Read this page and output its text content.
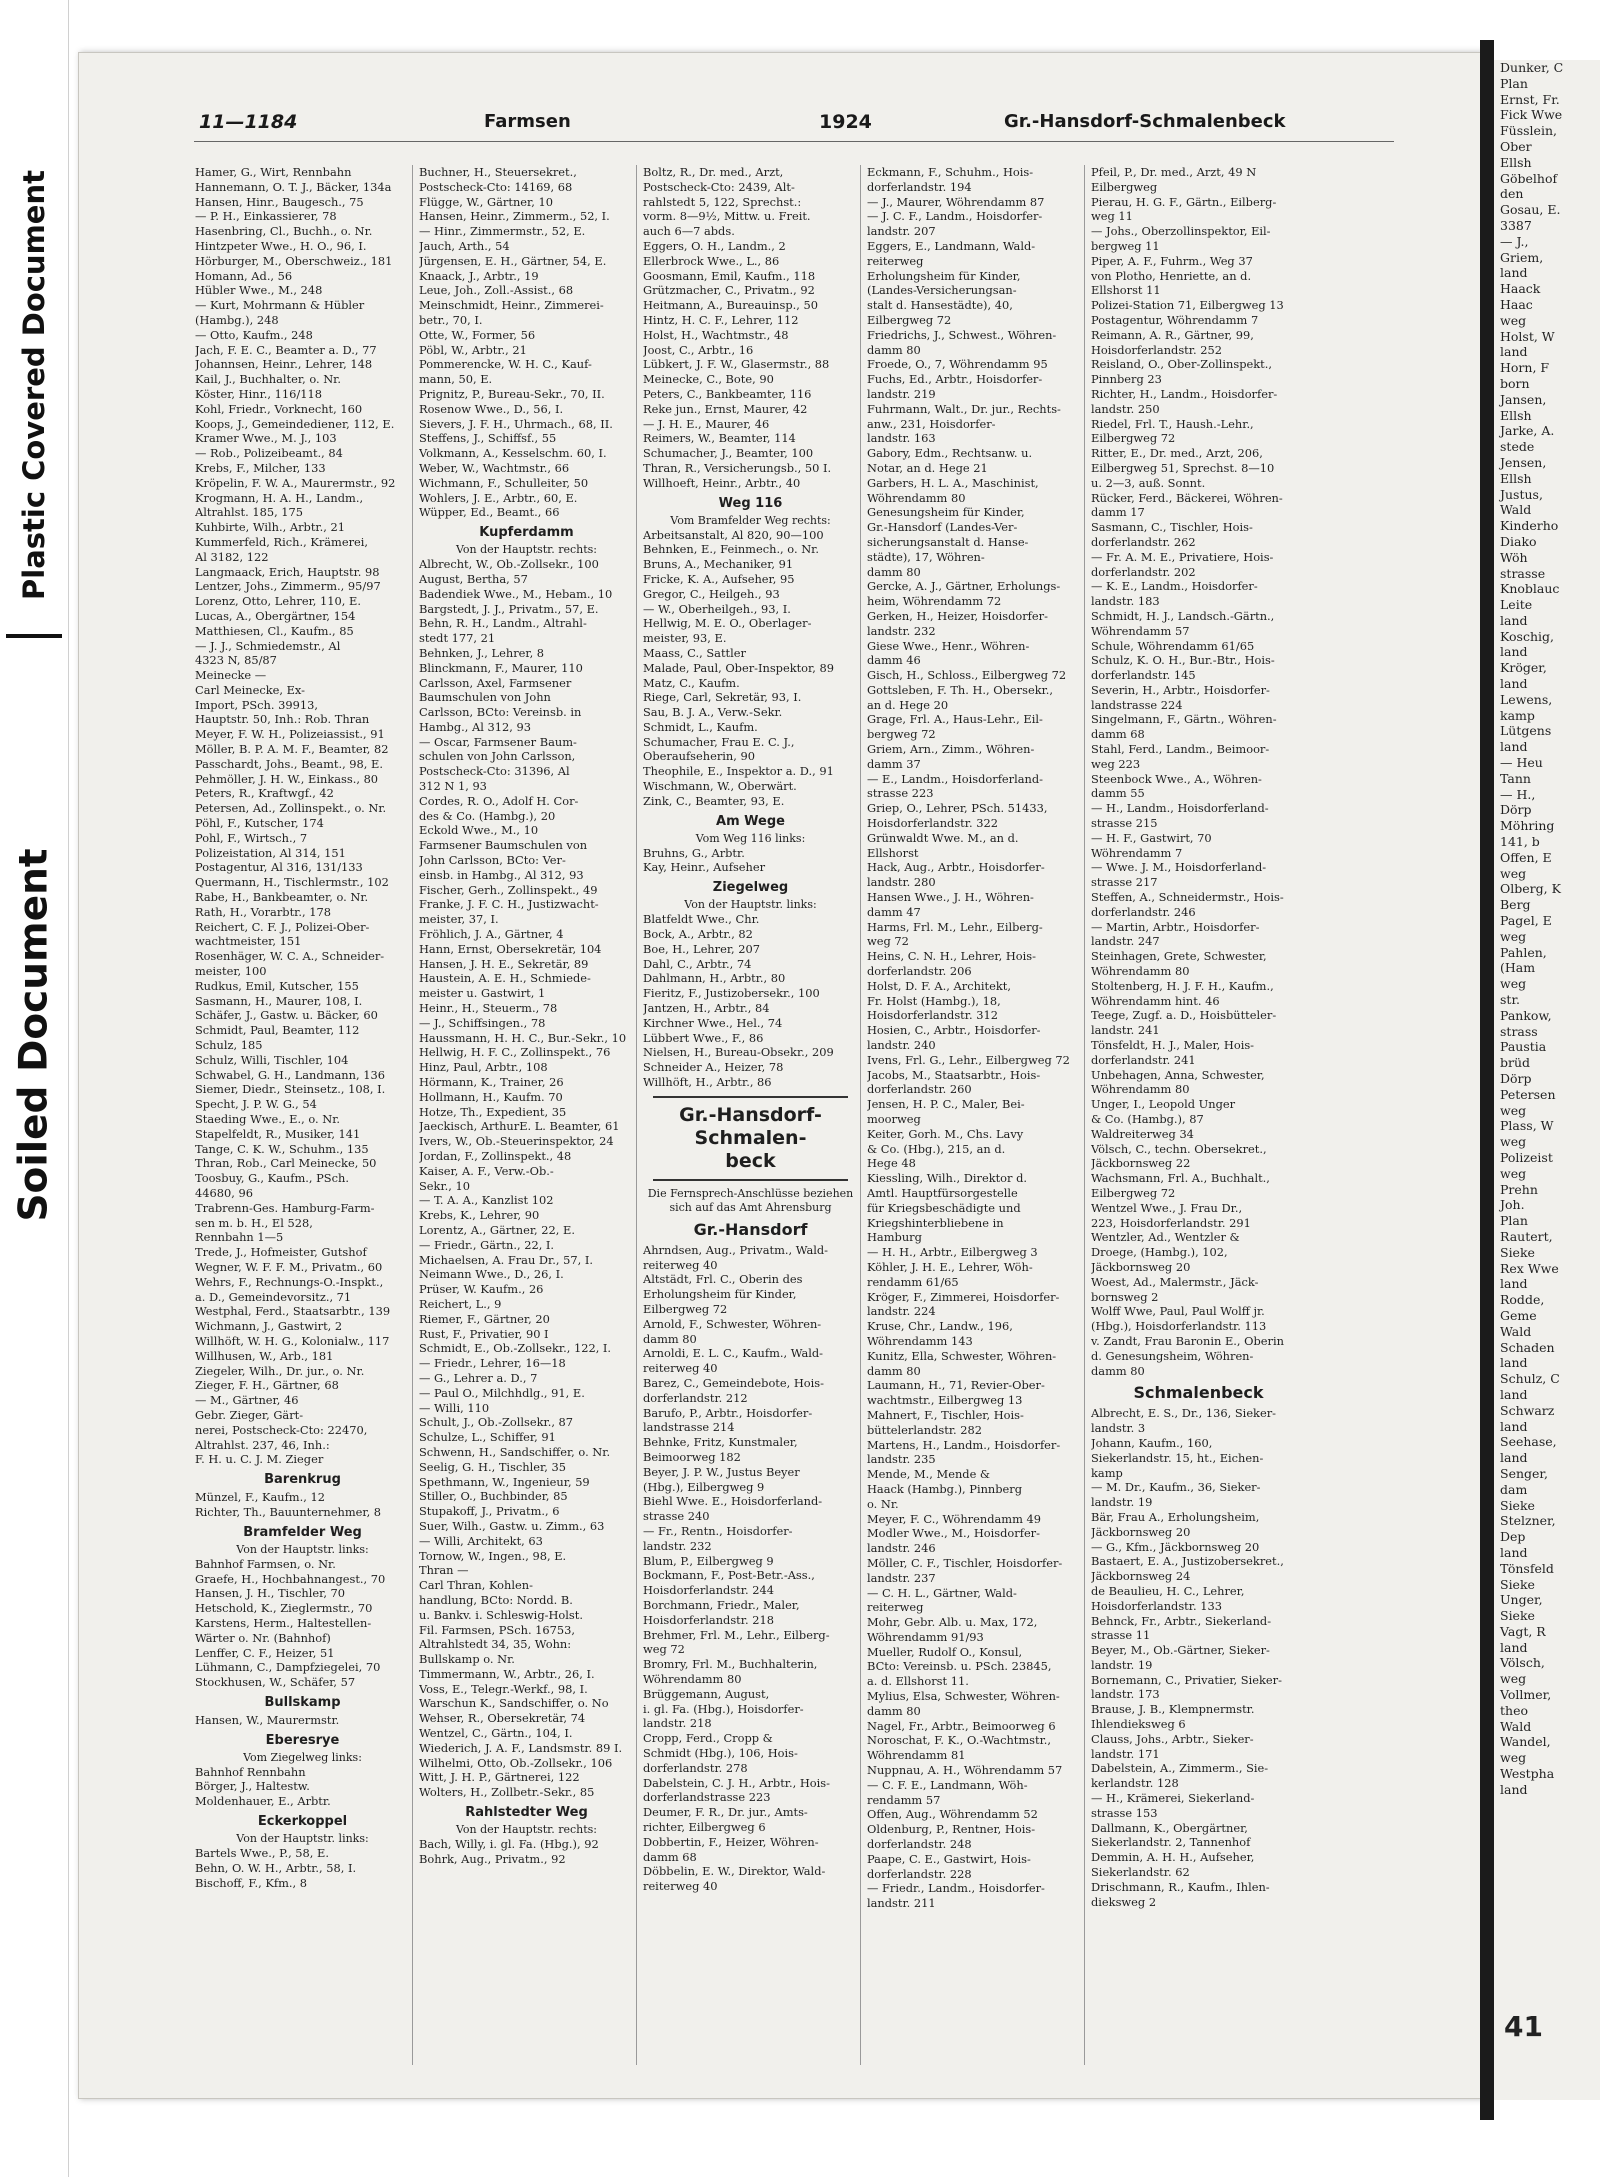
Plastic Covered Document
Soiled Document
11—1184	Farmsen	1924	Gr.-Hansdorf-Schmalenbeck
Hamer, G., Wirt, Rennbahn
Hannemann, O. T. J., Bäcker, 134a
Hansen, Hinr., Baugesch., 75
— P. H., Einkassierer, 78
Hasenbring, Cl., Buchh., o. Nr.
Hintzpeter Wwe., H. O., 96, I.
Hörburger, M., Oberschweiz., 181
Homann, Ad., 56
Hübler Wwe., M., 248
— Kurt, Mohrmann & Hübler
(Hambg.), 248
— Otto, Kaufm., 248
Jach, F. E. C., Beamter a. D., 77
Johannsen, Heinr., Lehrer, 148
Kail, J., Buchhalter, o. Nr.
Köster, Hinr., 116/118
Kohl, Friedr., Vorknecht, 160
Koops, J., Gemeindediener, 112, E.
Kramer Wwe., M. J., 103
— Rob., Polizeibeamt., 84
Krebs, F., Milcher, 133
Kröpelin, F. W. A., Maurermstr., 92
Krogmann, H. A. H., Landm.,
Altrahlst. 185, 175
Kuhbirte, Wilh., Arbtr., 21
Kummerfeld, Rich., Krämerei,
Al 3182, 122
Langmaack, Erich, Hauptstr. 98
Lentzer, Johs., Zimmerm., 95/97
Lorenz, Otto, Lehrer, 110, E.
Lucas, A., Obergärtner, 154
Matthiesen, Cl., Kaufm., 85
— J. J., Schmiedemstr., Al
4323 N, 85/87
Meinecke —
Carl Meinecke, Ex-
Import, PSch. 39913,
Hauptstr. 50, Inh.: Rob. Thran
Meyer, F. W. H., Polizeiassist., 91
Möller, B. P. A. M. F., Beamter, 82
Passchardt, Johs., Beamt., 98, E.
Pehmöller, J. H. W., Einkass., 80
Peters, R., Kraftwgf., 42
Petersen, Ad., Zollinspekt., o. Nr.
Pöhl, F., Kutscher, 174
Pohl, F., Wirtsch., 7
Polizeistation, Al 314, 151
Postagentur, Al 316, 131/133
Quermann, H., Tischlermstr., 102
Rabe, H., Bankbeamter, o. Nr.
Rath, H., Vorarbtr., 178
Reichert, C. F. J., Polizei-Ober-
wachtmeister, 151
Rosenhäger, W. C. A., Schneider-
meister, 100
Rudkus, Emil, Kutscher, 155
Sasmann, H., Maurer, 108, I.
Schäfer, J., Gastw. u. Bäcker, 60
Schmidt, Paul, Beamter, 112
Schulz, 185
Schulz, Willi, Tischler, 104
Schwabel, G. H., Landmann, 136
Siemer, Diedr., Steinsetz., 108, I.
Specht, J. P. W. G., 54
Staeding Wwe., E., o. Nr.
Stapelfeldt, R., Musiker, 141
Tange, C. K. W., Schuhm., 135
Thran, Rob., Carl Meinecke, 50
Toosbuy, G., Kaufm., PSch.
44680, 96
Trabrenn-Ges. Hamburg-Farm-
sen m. b. H., El 528,
Rennbahn 1—5
Trede, J., Hofmeister, Gutshof
Wegner, W. F. F. M., Privatm., 60
Wehrs, F., Rechnungs-O.-Inspkt.,
a. D., Gemeindevorsitz., 71
Westphal, Ferd., Staatsarbtr., 139
Wichmann, J., Gastwirt, 2
Willhöft, W. H. G., Kolonialw., 117
Willhusen, W., Arb., 181
Ziegeler, Wilh., Dr. jur., o. Nr.
Zieger, F. H., Gärtner, 68
— M., Gärtner, 46
Gebr. Zieger, Gärt-
nerei, Postscheck-Cto: 22470,
Altrahlst. 237, 46, Inh.:
F. H. u. C. J. M. Zieger
Barenkrug
Münzel, F., Kaufm., 12
Richter, Th., Bauunternehmer, 8
Bramfelder Weg
Von der Hauptstr. links:
Bahnhof Farmsen, o. Nr.
Graefe, H., Hochbahnangest., 70
Hansen, J. H., Tischler, 70
Hetschold, K., Zieglermstr., 70
Karstens, Herm., Haltestellen-
Wärter o. Nr. (Bahnhof)
Lenffer, C. F., Heizer, 51
Lühmann, C., Dampfziegelei, 70
Stockhusen, W., Schäfer, 57
Bullskamp
Hansen, W., Maurermstr.
Eberesrye
Vom Ziegelweg links:
Bahnhof Rennbahn
Börger, J., Haltestw.
Moldenhauer, E., Arbtr.
Eckerkoppel
Von der Hauptstr. links:
Bartels Wwe., P., 58, E.
Behn, O. W. H., Arbtr., 58, I.
Bischoff, F., Kfm., 8
Buchner, H., Steuersekret.,
Postscheck-Cto: 14169, 68
Flügge, W., Gärtner, 10
Hansen, Heinr., Zimmerm., 52, I.
— Hinr., Zimmermstr., 52, E.
Jauch, Arth., 54
Jürgensen, E. H., Gärtner, 54, E.
Knaack, J., Arbtr., 19
Leue, Joh., Zoll.-Assist., 68
Meinschmidt, Heinr., Zimmerei-
betr., 70, I.
Otte, W., Former, 56
Pöbl, W., Arbtr., 21
Pommerencke, W. H. C., Kauf-
mann, 50, E.
Prignitz, P., Bureau-Sekr., 70, II.
Rosenow Wwe., D., 56, I.
Sievers, J. F. H., Uhrmach., 68, II.
Steffens, J., Schiffsf., 55
Volkmann, A., Kesselschm. 60, I.
Weber, W., Wachtmstr., 66
Wichmann, F., Schulleiter, 50
Wohlers, J. E., Arbtr., 60, E.
Wüpper, Ed., Beamt., 66
Kupferdamm
Von der Hauptstr. rechts:
Albrecht, W., Ob.-Zollsekr., 100
August, Bertha, 57
Badendiek Wwe., M., Hebam., 10
Bargstedt, J. J., Privatm., 57, E.
Behn, R. H., Landm., Altrahl-
stedt 177, 21
Behnken, J., Lehrer, 8
Blinckmann, F., Maurer, 110
Carlsson, Axel, Farmsener
Baumschulen von John
Carlsson, BCto: Vereinsb. in
Hambg., Al 312, 93
— Oscar, Farmsener Baum-
schulen von John Carlsson,
Postscheck-Cto: 31396, Al
312 N 1, 93
Cordes, R. O., Adolf H. Cor-
des & Co. (Hambg.), 20
Eckold Wwe., M., 10
Farmsener Baumschulen von
John Carlsson, BCto: Ver-
einsb. in Hambg., Al 312, 93
Fischer, Gerh., Zollinspekt., 49
Franke, J. F. C. H., Justizwacht-
meister, 37, I.
Fröhlich, J. A., Gärtner, 4
Hann, Ernst, Obersekretär, 104
Hansen, J. H. E., Sekretär, 89
Haustein, A. E. H., Schmiede-
meister u. Gastwirt, 1
Heinr., H., Steuerm., 78
— J., Schiffsingen., 78
Haussmann, H. H. C., Bur.-Sekr., 10
Hellwig, H. F. C., Zollinspekt., 76
Hinz, Paul, Arbtr., 108
Hörmann, K., Trainer, 26
Hollmann, H., Kaufm. 70
Hotze, Th., Expedient, 35
Jaeckisch, ArthurE. L. Beamter, 61
Ivers, W., Ob.-Steuerinspektor, 24
Jordan, F., Zollinspekt., 48
Kaiser, A. F., Verw.-Ob.-
Sekr., 10
— T. A. A., Kanzlist 102
Krebs, K., Lehrer, 90
Lorentz, A., Gärtner, 22, E.
— Friedr., Gärtn., 22, I.
Michaelsen, A. Frau Dr., 57, I.
Neimann Wwe., D., 26, I.
Prüser, W. Kaufm., 26
Reichert, L., 9
Riemer, F., Gärtner, 20
Rust, F., Privatier, 90 I
Schmidt, E., Ob.-Zollsekr., 122, I.
— Friedr., Lehrer, 16—18
— G., Lehrer a. D., 7
— Paul O., Milchhdlg., 91, E.
— Willi, 110
Schult, J., Ob.-Zollsekr., 87
Schulze, L., Schiffer, 91
Schwenn, H., Sandschiffer, o. Nr.
Seelig, G. H., Tischler, 35
Spethmann, W., Ingenieur, 59
Stiller, O., Buchbinder, 85
Stupakoff, J., Privatm., 6
Suer, Wilh., Gastw. u. Zimm., 63
— Willi, Architekt, 63
Tornow, W., Ingen., 98, E.
Thran —
Carl Thran, Kohlen-
handlung, BCto: Nordd. B.
u. Bankv. i. Schleswig-Holst.
Fil. Farmsen, PSch. 16753,
Altrahlstedt 34, 35, Wohn:
Bullskamp o. Nr.
Timmermann, W., Arbtr., 26, I.
Voss, E., Telegr.-Werkf., 98, I.
Warschun K., Sandschiffer, o. No
Wehser, R., Obersekretär, 74
Wentzel, C., Gärtn., 104, I.
Wiederich, J. A. F., Landsmstr. 89 I.
Wilhelmi, Otto, Ob.-Zollsekr., 106
Witt, J. H. P., Gärtnerei, 122
Wolters, H., Zollbetr.-Sekr., 85
Rahlstedter Weg
Von der Hauptstr. rechts:
Bach, Willy, i. gl. Fa. (Hbg.), 92
Bohrk, Aug., Privatm., 92
Boltz, R., Dr. med., Arzt,
Postscheck-Cto: 2439, Alt-
rahlstedt 5, 122, Sprechst.:
vorm. 8—9½, Mittw. u. Freit.
auch 6—7 abds.
Eggers, O. H., Landm., 2
Ellerbrock Wwe., L., 86
Goosmann, Emil, Kaufm., 118
Grützmacher, C., Privatm., 92
Heitmann, A., Bureauinsp., 50
Hintz, H. C. F., Lehrer, 112
Holst, H., Wachtmstr., 48
Joost, C., Arbtr., 16
Lübkert, J. F. W., Glasermstr., 88
Meinecke, C., Bote, 90
Peters, C., Bankbeamter, 116
Reke jun., Ernst, Maurer, 42
— J. H. E., Maurer, 46
Reimers, W., Beamter, 114
Schumacher, J., Beamter, 100
Thran, R., Versicherungsb., 50 I.
Willhoeft, Heinr., Arbtr., 40
Weg 116
Vom Bramfelder Weg rechts:
Arbeitsanstalt, Al 820, 90—100
Behnken, E., Feinmech., o. Nr.
Bruns, A., Mechaniker, 91
Fricke, K. A., Aufseher, 95
Gregor, C., Heilgeh., 93
— W., Oberheilgeh., 93, I.
Hellwig, M. E. O., Oberlager-
meister, 93, E.
Maass, C., Sattler
Malade, Paul, Ober-Inspektor, 89
Matz, C., Kaufm.
Riege, Carl, Sekretär, 93, I.
Sau, B. J. A., Verw.-Sekr.
Schmidt, L., Kaufm.
Schumacher, Frau E. C. J.,
Oberaufseherin, 90
Theophile, E., Inspektor a. D., 91
Wischmann, W., Oberwärt.
Zink, C., Beamter, 93, E.
Am Wege
Vom Weg 116 links:
Bruhns, G., Arbtr.
Kay, Heinr., Aufseher
Ziegelweg
Von der Hauptstr. links:
Blatfeldt Wwe., Chr.
Bock, A., Arbtr., 82
Boe, H., Lehrer, 207
Dahl, C., Arbtr., 74
Dahlmann, H., Arbtr., 80
Fieritz, F., Justizobersekr., 100
Jantzen, H., Arbtr., 84
Kirchner Wwe., Hel., 74
Lübbert Wwe., F., 86
Nielsen, H., Bureau-Obsekr., 209
Schneider A., Heizer, 78
Willhöft, H., Arbtr., 86
Gr.-Hansdorf-
Schmalen-
beck
Die Fernsprech-Anschlüsse beziehen sich auf das Amt Ahrensburg
Gr.-Hansdorf
Ahrndsen, Aug., Privatm., Wald-
reiterweg 40
Altstädt, Frl. C., Oberin des
Erholungsheim für Kinder,
Eilbergweg 72
Arnold, F., Schwester, Wöhren-
damm 80
Arnoldi, E. L. C., Kaufm., Wald-
reiterweg 40
Barez, C., Gemeindebote, Hois-
dorferlandstr. 212
Barufo, P., Arbtr., Hoisdorfer-
landstrasse 214
Behnke, Fritz, Kunstmaler,
Beimoorweg 182
Beyer, J. P. W., Justus Beyer
(Hbg.), Eilbergweg 9
Biehl Wwe. E., Hoisdorferland-
strasse 240
— Fr., Rentn., Hoisdorfer-
landstr. 232
Blum, P., Eilbergweg 9
Bockmann, F., Post-Betr.-Ass.,
Hoisdorferlandstr. 244
Borchmann, Friedr., Maler,
Hoisdorferlandstr. 218
Brehmer, Frl. M., Lehr., Eilberg-
weg 72
Bromry, Frl. M., Buchhalterin,
Wöhrendamm 80
Brüggemann, August,
i. gl. Fa. (Hbg.), Hoisdorfer-
landstr. 218
Cropp, Ferd., Cropp &
Schmidt (Hbg.), 106, Hois-
dorferlandstr. 278
Dabelstein, C. J. H., Arbtr., Hois-
dorferlandstrasse 223
Deumer, F. R., Dr. jur., Amts-
richter, Eilbergweg 6
Dobbertin, F., Heizer, Wöhren-
damm 68
Döbbelin, E. W., Direktor, Wald-
reiterweg 40
Eckmann, F., Schuhm., Hois-
dorferlandstr. 194
— J., Maurer, Wöhrendamm 87
— J. C. F., Landm., Hoisdorfer-
landstr. 207
Eggers, E., Landmann, Wald-
reiterweg
Erholungsheim für Kinder,
(Landes-Versicherungsan-
stalt d. Hansestädte), 40,
Eilbergweg 72
Friedrichs, J., Schwest., Wöhren-
damm 80
Froede, O., 7, Wöhrendamm 95
Fuchs, Ed., Arbtr., Hoisdorfer-
landstr. 219
Fuhrmann, Walt., Dr. jur., Rechts-
anw., 231, Hoisdorfer-
landstr. 163
Gabory, Edm., Rechtsanw. u.
Notar, an d. Hege 21
Garbers, H. L. A., Maschinist,
Wöhrendamm 80
Genesungsheim für Kinder,
Gr.-Hansdorf (Landes-Ver-
sicherungsanstalt d. Hanse-
städte), 17, Wöhren-
damm 80
Gercke, A. J., Gärtner, Erholungs-
heim, Wöhrendamm 72
Gerken, H., Heizer, Hoisdorfer-
landstr. 232
Giese Wwe., Henr., Wöhren-
damm 46
Gisch, H., Schloss., Eilbergweg 72
Gottsleben, F. Th. H., Obersekr.,
an d. Hege 20
Grage, Frl. A., Haus-Lehr., Eil-
bergweg 72
Griem, Arn., Zimm., Wöhren-
damm 37
— E., Landm., Hoisdorferland-
strasse 223
Griep, O., Lehrer, PSch. 51433,
Hoisdorferlandstr. 322
Grünwaldt Wwe. M., an d.
Ellshorst
Hack, Aug., Arbtr., Hoisdorfer-
landstr. 280
Hansen Wwe., J. H., Wöhren-
damm 47
Harms, Frl. M., Lehr., Eilberg-
weg 72
Heins, C. N. H., Lehrer, Hois-
dorferlandstr. 206
Holst, D. F. A., Architekt,
Fr. Holst (Hambg.), 18,
Hoisdorferlandstr. 312
Hosien, C., Arbtr., Hoisdorfer-
landstr. 240
Ivens, Frl. G., Lehr., Eilbergweg 72
Jacobs, M., Staatsarbtr., Hois-
dorferlandstr. 260
Jensen, H. P. C., Maler, Bei-
moorweg
Keiter, Gorh. M., Chs. Lavy
& Co. (Hbg.), 215, an d.
Hege 48
Kiessling, Wilh., Direktor d.
Amtl. Hauptfürsorgestelle
für Kriegsbeschädigte und
Kriegshinterbliebene in
Hamburg
— H. H., Arbtr., Eilbergweg 3
Köhler, J. H. E., Lehrer, Wöh-
rendamm 61/65
Kröger, F., Zimmerei, Hoisdorfer-
landstr. 224
Kruse, Chr., Landw., 196,
Wöhrendamm 143
Kunitz, Ella, Schwester, Wöhren-
damm 80
Laumann, H., 71, Revier-Ober-
wachtmstr., Eilbergweg 13
Mahnert, F., Tischler, Hois-
büttelerlandstr. 282
Martens, H., Landm., Hoisdorfer-
landstr. 235
Mende, M., Mende &
Haack (Hambg.), Pinnberg
o. Nr.
Meyer, F. C., Wöhrendamm 49
Modler Wwe., M., Hoisdorfer-
landstr. 246
Möller, C. F., Tischler, Hoisdorfer-
landstr. 237
— C. H. L., Gärtner, Wald-
reiterweg
Mohr, Gebr. Alb. u. Max, 172,
Wöhrendamm 91/93
Mueller, Rudolf O., Konsul,
BCto: Vereinsb. u. PSch. 23845,
a. d. Ellshorst 11.
Mylius, Elsa, Schwester, Wöhren-
damm 80
Nagel, Fr., Arbtr., Beimoorweg 6
Noroschat, F. K., O.-Wachtmstr.,
Wöhrendamm 81
Nuppnau, A. H., Wöhrendamm 57
— C. F. E., Landmann, Wöh-
rendamm 57
Offen, Aug., Wöhrendamm 52
Oldenburg, P., Rentner, Hois-
dorferlandstr. 248
Paape, C. E., Gastwirt, Hois-
dorferlandstr. 228
— Friedr., Landm., Hoisdorfer-
landstr. 211
Pfeil, P., Dr. med., Arzt, 49 N
Eilbergweg
Pierau, H. G. F., Gärtn., Eilberg-
weg 11
— Johs., Oberzollinspektor, Eil-
bergweg 11
Piper, A. F., Fuhrm., Weg 37
von Plotho, Henriette, an d.
Ellshorst 11
Polizei-Station 71, Eilbergweg 13
Postagentur, Wöhrendamm 7
Reimann, A. R., Gärtner, 99,
Hoisdorferlandstr. 252
Reisland, O., Ober-Zollinspekt.,
Pinnberg 23
Richter, H., Landm., Hoisdorfer-
landstr. 250
Riedel, Frl. T., Haush.-Lehr.,
Eilbergweg 72
Ritter, E., Dr. med., Arzt, 206,
Eilbergweg 51, Sprechst. 8—10
u. 2—3, auß. Sonnt.
Rücker, Ferd., Bäckerei, Wöhren-
damm 17
Sasmann, C., Tischler, Hois-
dorferlandstr. 262
— Fr. A. M. E., Privatiere, Hois-
dorferlandstr. 202
— K. E., Landm., Hoisdorfer-
landstr. 183
Schmidt, H. J., Landsch.-Gärtn.,
Wöhrendamm 57
Schule, Wöhrendamm 61/65
Schulz, K. O. H., Bur.-Btr., Hois-
dorferlandstr. 145
Severin, H., Arbtr., Hoisdorfer-
landstrasse 224
Singelmann, F., Gärtn., Wöhren-
damm 68
Stahl, Ferd., Landm., Beimoor-
weg 223
Steenbock Wwe., A., Wöhren-
damm 55
— H., Landm., Hoisdorferland-
strasse 215
— H. F., Gastwirt, 70
Wöhrendamm 7
— Wwe. J. M., Hoisdorferland-
strasse 217
Steffen, A., Schneidermstr., Hois-
dorferlandstr. 246
— Martin, Arbtr., Hoisdorfer-
landstr. 247
Steinhagen, Grete, Schwester,
Wöhrendamm 80
Stoltenberg, H. J. F. H., Kaufm.,
Wöhrendamm hint. 46
Teege, Zugf. a. D., Hoisbütteler-
landstr. 241
Tönsfeldt, H. J., Maler, Hois-
dorferlandstr. 241
Unbehagen, Anna, Schwester,
Wöhrendamm 80
Unger, I., Leopold Unger
& Co. (Hambg.), 87
Waldreiterweg 34
Völsch, C., techn. Obersekret.,
Jäckbornsweg 22
Wachsmann, Frl. A., Buchhalt.,
Eilbergweg 72
Wentzel Wwe., J. Frau Dr.,
223, Hoisdorferlandstr. 291
Wentzler, Ad., Wentzler &
Droege, (Hambg.), 102,
Jäckbornsweg 20
Woest, Ad., Malermstr., Jäck-
bornsweg 2
Wolff Wwe, Paul, Paul Wolff jr.
(Hbg.), Hoisdorferlandstr. 113
v. Zandt, Frau Baronin E., Oberin
d. Genesungsheim, Wöhren-
damm 80
Schmalenbeck
Albrecht, E. S., Dr., 136, Sieker-
landstr. 3
Johann, Kaufm., 160,
Siekerlandstr. 15, ht., Eichen-
kamp
— M. Dr., Kaufm., 36, Sieker-
landstr. 19
Bär, Frau A., Erholungsheim,
Jäckbornsweg 20
— G., Kfm., Jäckbornsweg 20
Bastaert, E. A., Justizobersekret.,
Jäckbornsweg 24
de Beaulieu, H. C., Lehrer,
Hoisdorferlandstr. 133
Behnck, Fr., Arbtr., Siekerland-
strasse 11
Beyer, M., Ob.-Gärtner, Sieker-
landstr. 19
Bornemann, C., Privatier, Sieker-
landstr. 173
Brause, J. B., Klempnermstr.
Ihlendieksweg 6
Clauss, Johs., Arbtr., Sieker-
landstr. 171
Dabelstein, A., Zimmerm., Sie-
kerlandstr. 128
— H., Krämerei, Siekerland-
strasse 153
Dallmann, K., Obergärtner,
Siekerlandstr. 2, Tannenhof
Demmin, A. H. H., Aufseher,
Siekerlandstr. 62
Drischmann, R., Kaufm., Ihlen-
dieksweg 2
Dunker, C
Plan
Ernst, Fr.
Fick Wwe
Füsslein,
Ober
Ellsh
Göbelhof
den
Gosau, E.
3387
— J.,
Griem,
land
Haack
Haac
weg
Holst, W
land
Horn, F
born
Jansen,
Ellsh
Jarke, A.
stede
Jensen,
Ellsh
Justus,
Wald
Kinderho
Diako
Wöh
strasse
Knoblauc
Leite
land
Koschig,
land
Kröger,
land
Lewens,
kamp
Lütgens
land
— Heu
Tann
— H.,
Dörp
Möhring
141, b
Offen, E
weg
Olberg, K
Berg
Pagel, E
weg
Pahlen,
(Ham
weg
str.
Pankow,
strass
Paustia
brüd
Dörp
Petersen
weg
Plass, W
weg
Polizeist
weg
Prehn
Joh.
Plan
Rautert,
Sieke
Rex Wwe
land
Rodde,
Geme
Wald
Schaden
land
Schulz, C
land
Schwarz
land
Seehase,
land
Senger,
dam
Sieke
Stelzner,
Dep
land
Tönsfeld
Sieke
Unger,
Sieke
Vagt, R
land
Völsch,
weg
Vollmer,
theo
Wald
Wandel,
weg
Westpha
land
41
